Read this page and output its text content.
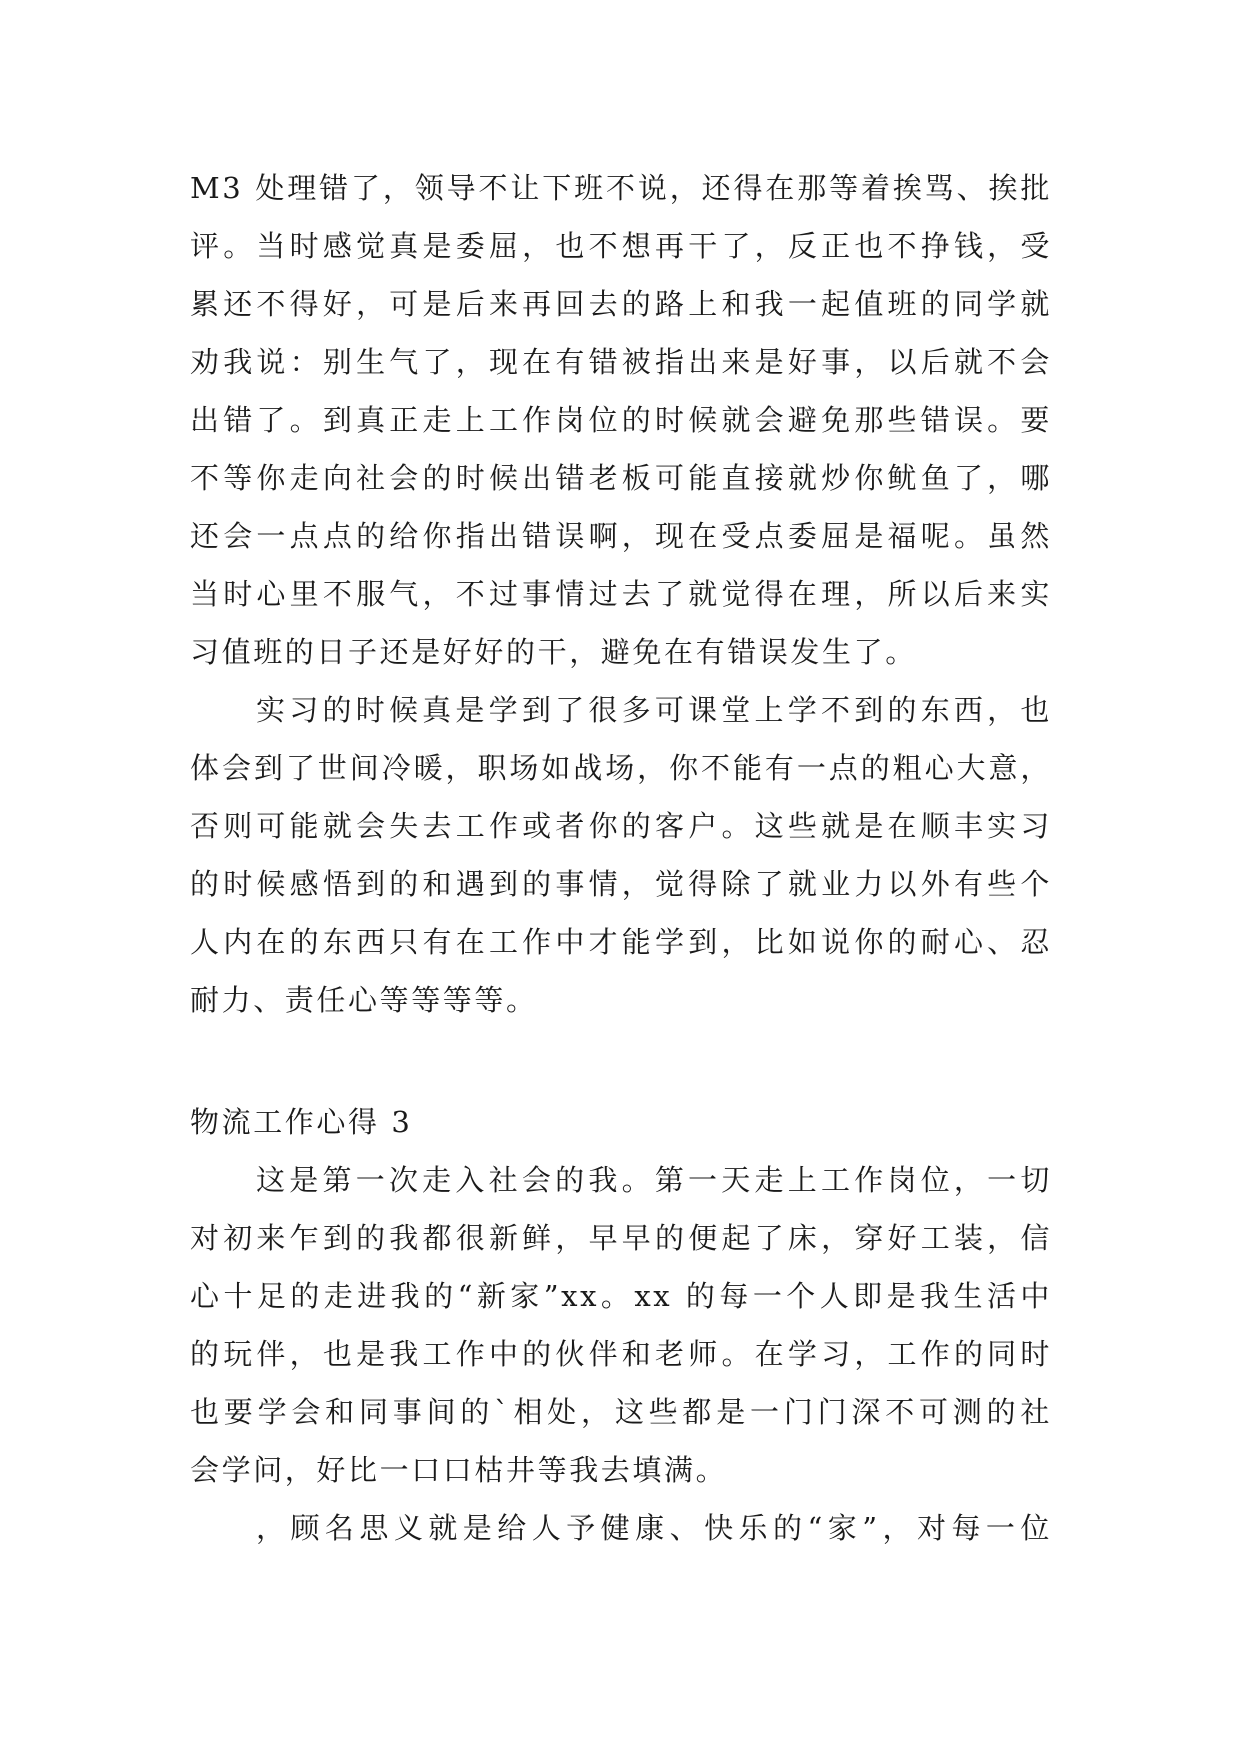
M3 处理错了，领导不让下班不说，还得在那等着挨骂、挨批
评。当时感觉真是委屈，也不想再干了，反正也不挣钱，受
累还不得好，可是后来再回去的路上和我一起值班的同学就
劝我说：别生气了，现在有错被指出来是好事，以后就不会
出错了。到真正走上工作岗位的时候就会避免那些错误。要
不等你走向社会的时候出错老板可能直接就炒你鱿鱼了，哪
还会一点点的给你指出错误啊，现在受点委屈是福呢。虽然
当时心里不服气，不过事情过去了就觉得在理，所以后来实
习值班的日子还是好好的干，避免在有错误发生了。
实习的时候真是学到了很多可课堂上学不到的东西，也
体会到了世间冷暖，职场如战场，你不能有一点的粗心大意，
否则可能就会失去工作或者你的客户。这些就是在顺丰实习
的时候感悟到的和遇到的事情，觉得除了就业力以外有些个
人内在的东西只有在工作中才能学到，比如说你的耐心、忍
耐力、责任心等等等等。
物流工作心得 3
这是第一次走入社会的我。第一天走上工作岗位，一切
对初来乍到的我都很新鲜，早早的便起了床，穿好工装，信
心十足的走进我的“新家”xx。xx 的每一个人即是我生活中
的玩伴，也是我工作中的伙伴和老师。在学习，工作的同时
也要学会和同事间的`相处，这些都是一门门深不可测的社
会学问，好比一口口枯井等我去填满。
，顾名思义就是给人予健康、快乐的“家”，对每一位
